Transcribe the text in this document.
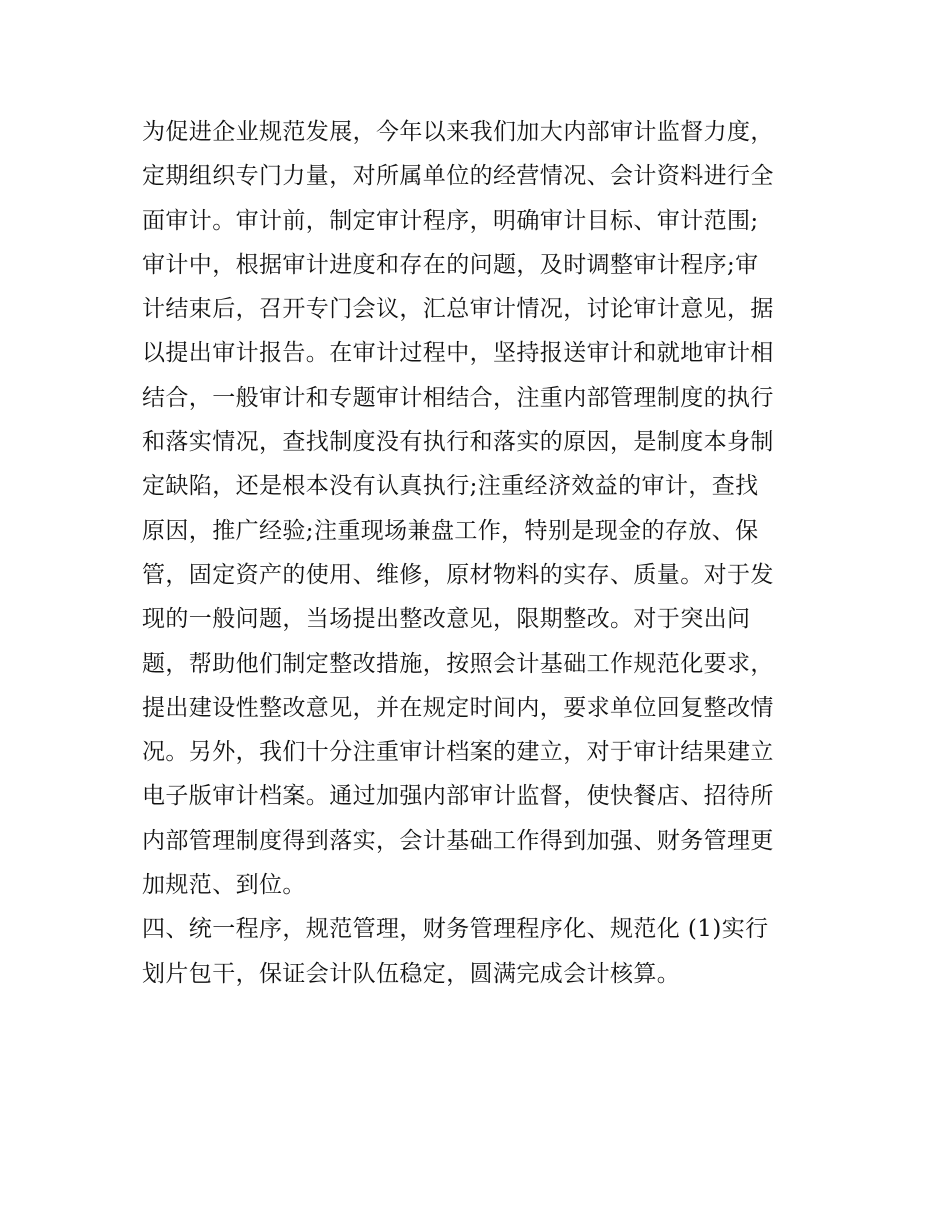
为促进企业规范发展，今年以来我们加大内部审计监督力度，
定期组织专门力量，对所属单位的经营情况、会计资料进行全
面审计。审计前，制定审计程序，明确审计目标、审计范围;
审计中，根据审计进度和存在的问题，及时调整审计程序;审
计结束后，召开专门会议，汇总审计情况，讨论审计意见，据
以提出审计报告。在审计过程中，坚持报送审计和就地审计相
结合，一般审计和专题审计相结合，注重内部管理制度的执行
和落实情况，查找制度没有执行和落实的原因，是制度本身制
定缺陷，还是根本没有认真执行;注重经济效益的审计，查找
原因，推广经验;注重现场兼盘工作，特别是现金的存放、保
管，固定资产的使用、维修，原材物料的实存、质量。对于发
现的一般问题，当场提出整改意见，限期整改。对于突出问
题，帮助他们制定整改措施，按照会计基础工作规范化要求，
提出建设性整改意见，并在规定时间内，要求单位回复整改情
况。另外，我们十分注重审计档案的建立，对于审计结果建立
电子版审计档案。通过加强内部审计监督，使快餐店、招待所
内部管理制度得到落实，会计基础工作得到加强、财务管理更
加规范、到位。
四、统一程序，规范管理，财务管理程序化、规范化 (1)实行
划片包干，保证会计队伍稳定，圆满完成会计核算。
